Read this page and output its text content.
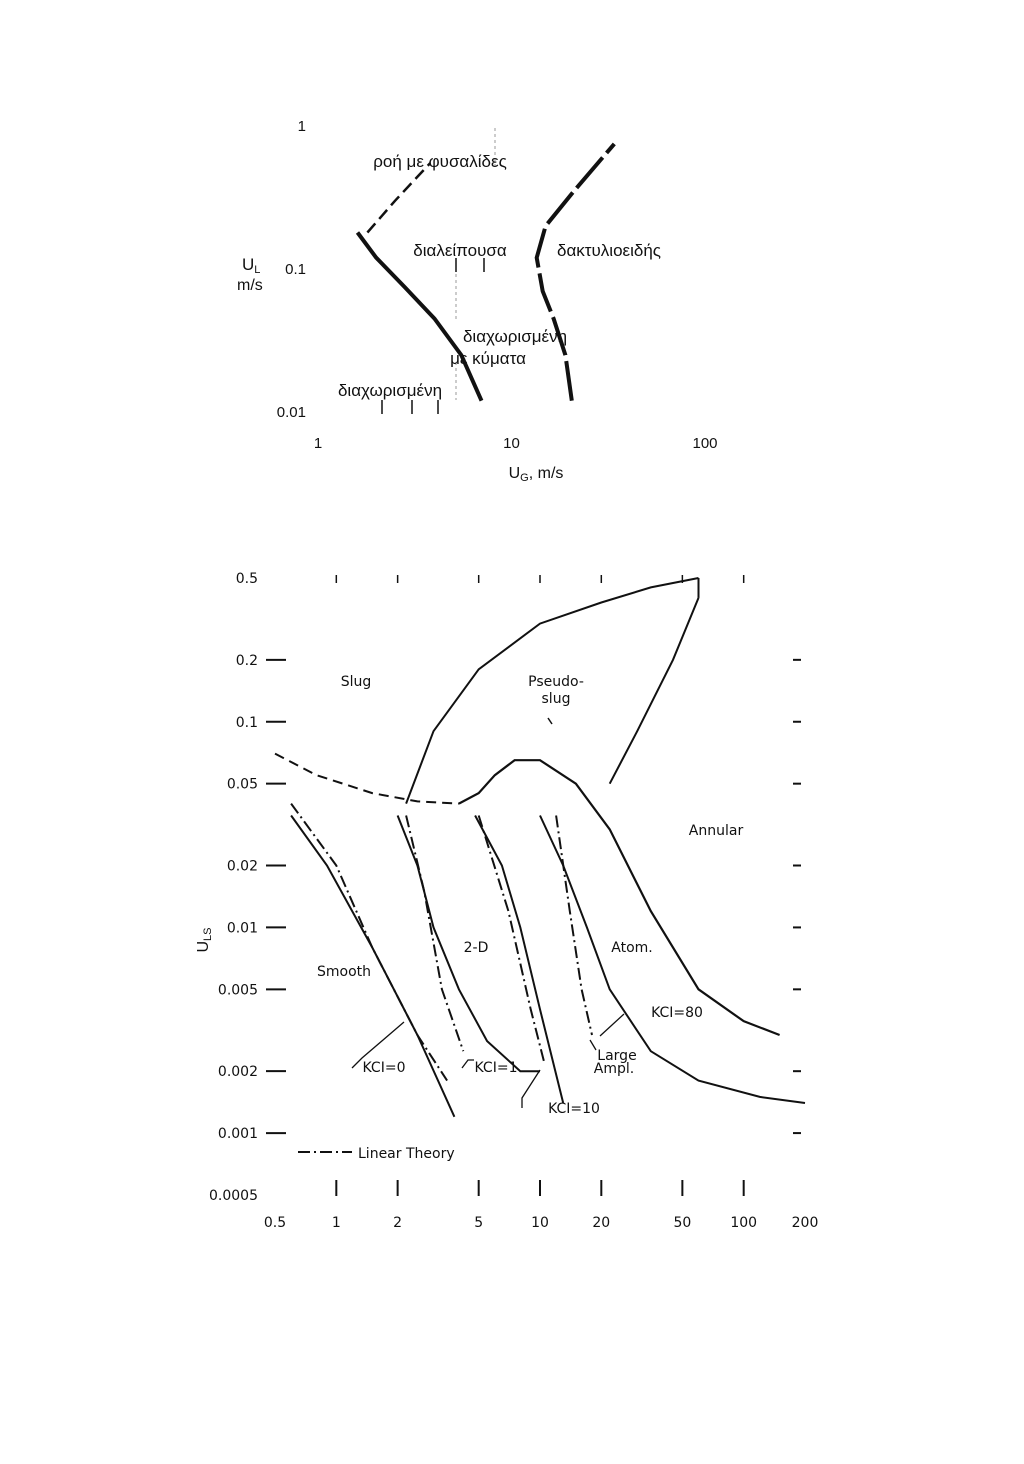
1	10	100
0.01
0.1
1
UG, m/s
UL
m/s
ροή με φυσαλίδες
διαλείπουσα	δακτυλιοειδής
διαχωρισμένη
με κύματα
διαχωρισμένη
0.5
0.2
0.1
0.05
0.02
0.01
0.005
0.002
0.001
0.0005
0.5	1	2	5	10	20	50	100 200
ULS
Slug	Pseudo-
slug
Annular
Smooth
2-D	Atom.
KCI=0	KCI=1
KCI=10
KCI=80
Large
Ampl.
Linear Theory
